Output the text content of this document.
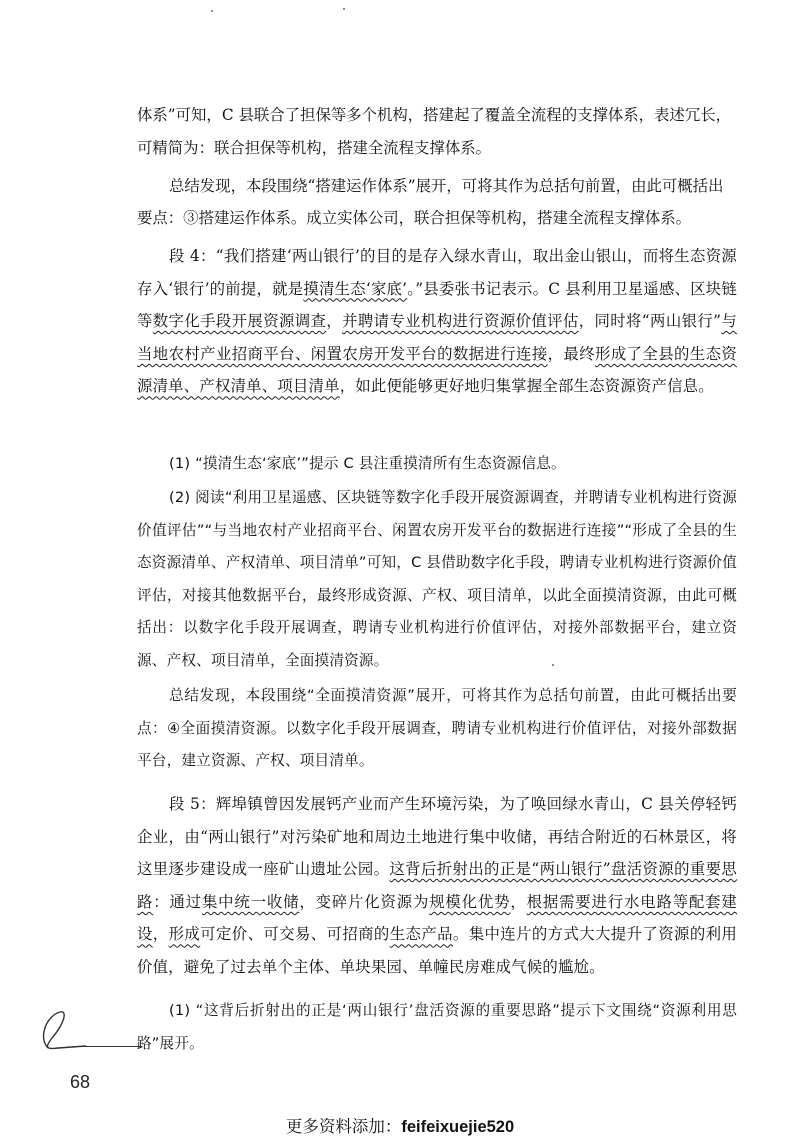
体系”可知，C 县联合了担保等多个机构，搭建起了覆盖全流程的支撑体系，表述冗长，
可精简为：联合担保等机构，搭建全流程支撑体系。
总结发现，本段围绕“搭建运作体系”展开，可将其作为总括句前置，由此可概括出
要点：③搭建运作体系。成立实体公司，联合担保等机构，搭建全流程支撑体系。

段 4：“我们搭建‘两山银行’的目的是存入绿水青山，取出金山银山，而将生态资源存入‘银行’的前提，就是摸清生态‘家底’。”县委张书记表示。C 县利用卫星遥感、区块链等数字化手段开展资源调查，并聘请专业机构进行资源价值评估，同时将“两山银行”与当地农村产业招商平台、闲置农房开发平台的数据进行连接，最终形成了全县的生态资源清单、产权清单、项目清单，如此便能够更好地归集掌握全部生态资源资产信息。

(1) “摸清生态‘家底’”提示 C 县注重摸清所有生态资源信息。

(2) 阅读“利用卫星遥感、区块链等数字化手段开展资源调查，并聘请专业机构进行资源价值评估”“与当地农村产业招商平台、闲置农房开发平台的数据进行连接”“形成了全县的生态资源清单、产权清单、项目清单”可知，C 县借助数字化手段，聘请专业机构进行资源价值评估，对接其他数据平台，最终形成资源、产权、项目清单，以此全面摸清资源，由此可概括出：以数字化手段开展调查，聘请专业机构进行价值评估，对接外部数据平台，建立资源、产权、项目清单，全面摸清资源。

总结发现，本段围绕“全面摸清资源”展开，可将其作为总括句前置，由此可概括出要点：④全面摸清资源。以数字化手段开展调查，聘请专业机构进行价值评估，对接外部数据平台，建立资源、产权、项目清单。

段 5：辉埠镇曾因发展钙产业而产生环境污染，为了唤回绿水青山，C 县关停轻钙企业，由“两山银行”对污染矿地和周边土地进行集中收储，再结合附近的石林景区，将这里逐步建设成一座矿山遗址公园。这背后折射出的正是“两山银行”盘活资源的重要思路：通过集中统一收储，变碎片化资源为规模化优势，根据需要进行水电路等配套建设，形成可定价、可交易、可招商的生态产品。集中连片的方式大大提升了资源的利用价值，避免了过去单个主体、单块果园、单幢民房难成气候的尴尬。

(1) “这背后折射出的正是‘两山银行’盘活资源的重要思路”提示下文围绕“资源利用思路”展开。

68
更多资料添加：feifeixuejie520
